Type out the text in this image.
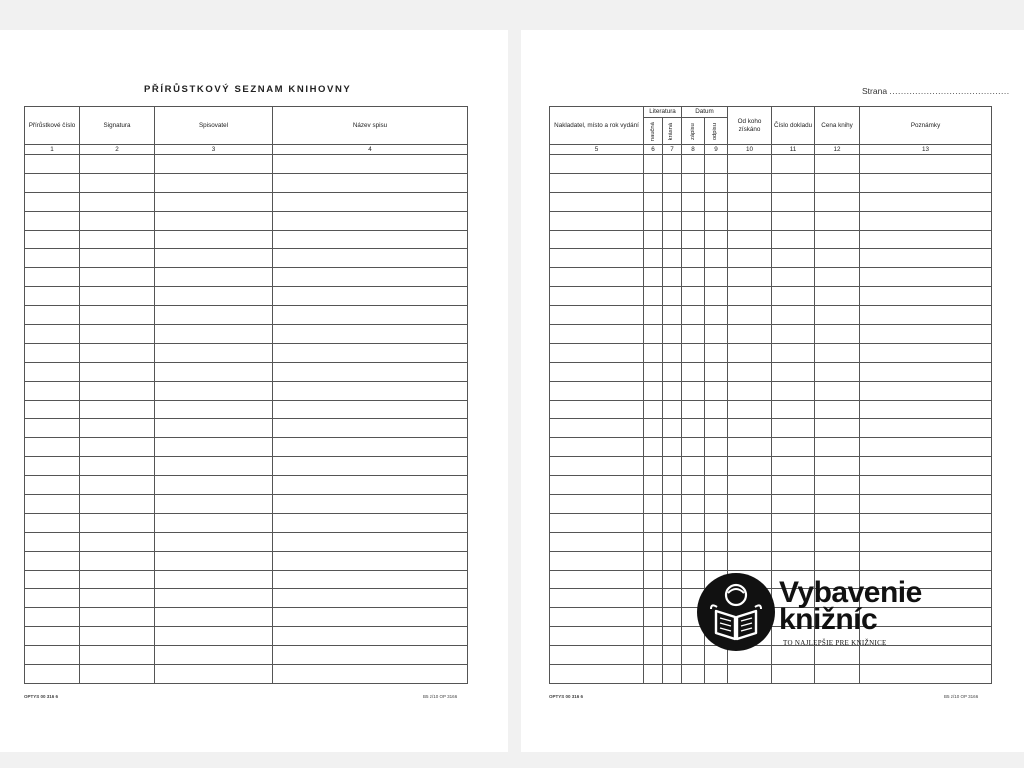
PŘÍRŮSTKOVÝ SEZNAM KNIHOVNY	Strana ..........................................
Přírůstkové číslo	Signatura	Spisovatel	Název spisu
1	2	3	4

Nakladatel, místo a rok vydání	Literatura		Datum		Od koho získáno	Číslo dokladu	Cena knihy	Poznámky
	naučná	krásná	zápisu	odpisu				
5	6	7	8	9	10	11	12	13

OPTYS 00 316 6	B5 z/10 OP 3166	OPTYS 00 316 6	B5 z/10 OP 3166
Vybavenie
knižníc
TO NAJLEPŠIE PRE KNIŽNICE
